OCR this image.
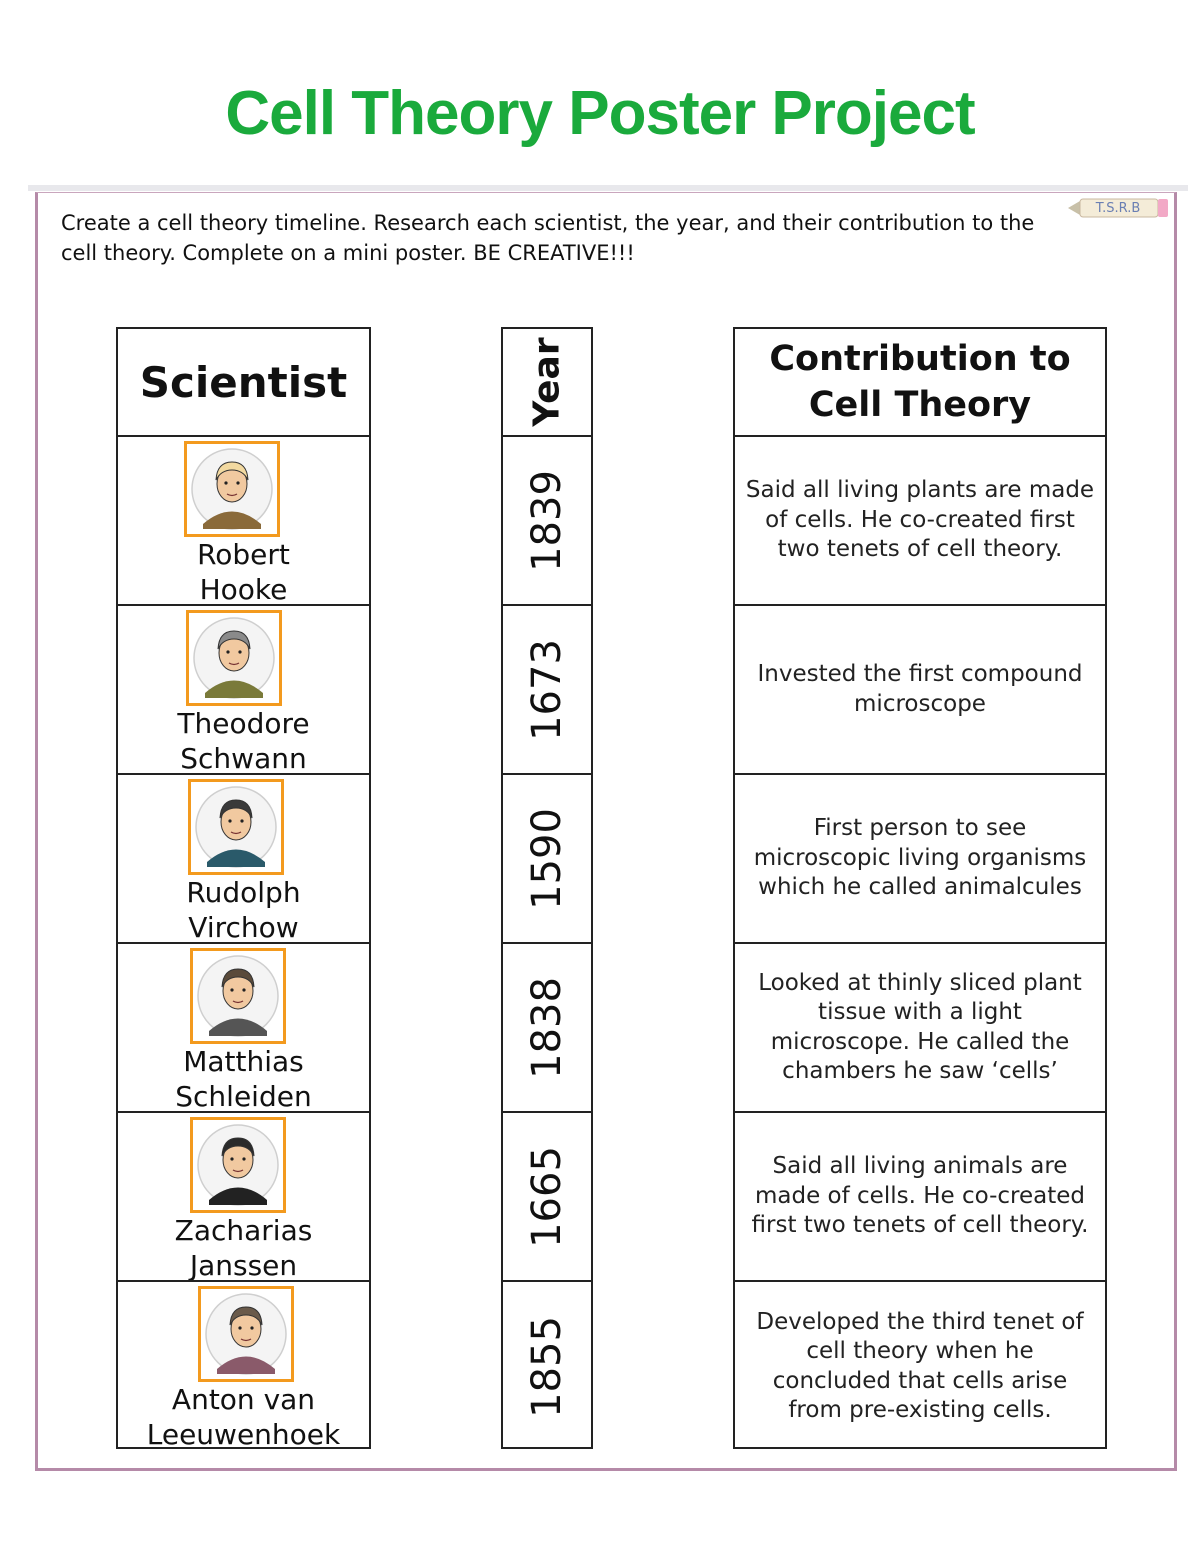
Cell Theory Poster Project
Create a cell theory timeline. Research each scientist, the year, and their contribution to the cell theory. Complete on a mini poster. BE CREATIVE!!!
T.S.R.B
Scientist
Robert
Hooke
Theodore
Schwann
Rudolph
Virchow
Matthias
Schleiden
Zacharias
Janssen
Anton van
Leeuwenhoek
Year
1839
1673
1590
1838
1665
1855
Contribution to
Cell Theory
Said all living plants are made of cells. He co-created first two tenets of cell theory.
Invested the first compound microscope
First person to see microscopic living organisms which he called animalcules
Looked at thinly sliced plant tissue with a light microscope. He called the chambers he saw ‘cells’
Said all living animals are made of cells. He co-created first two tenets of cell theory.
Developed the third tenet of cell theory when he concluded that cells arise from pre-existing cells.
